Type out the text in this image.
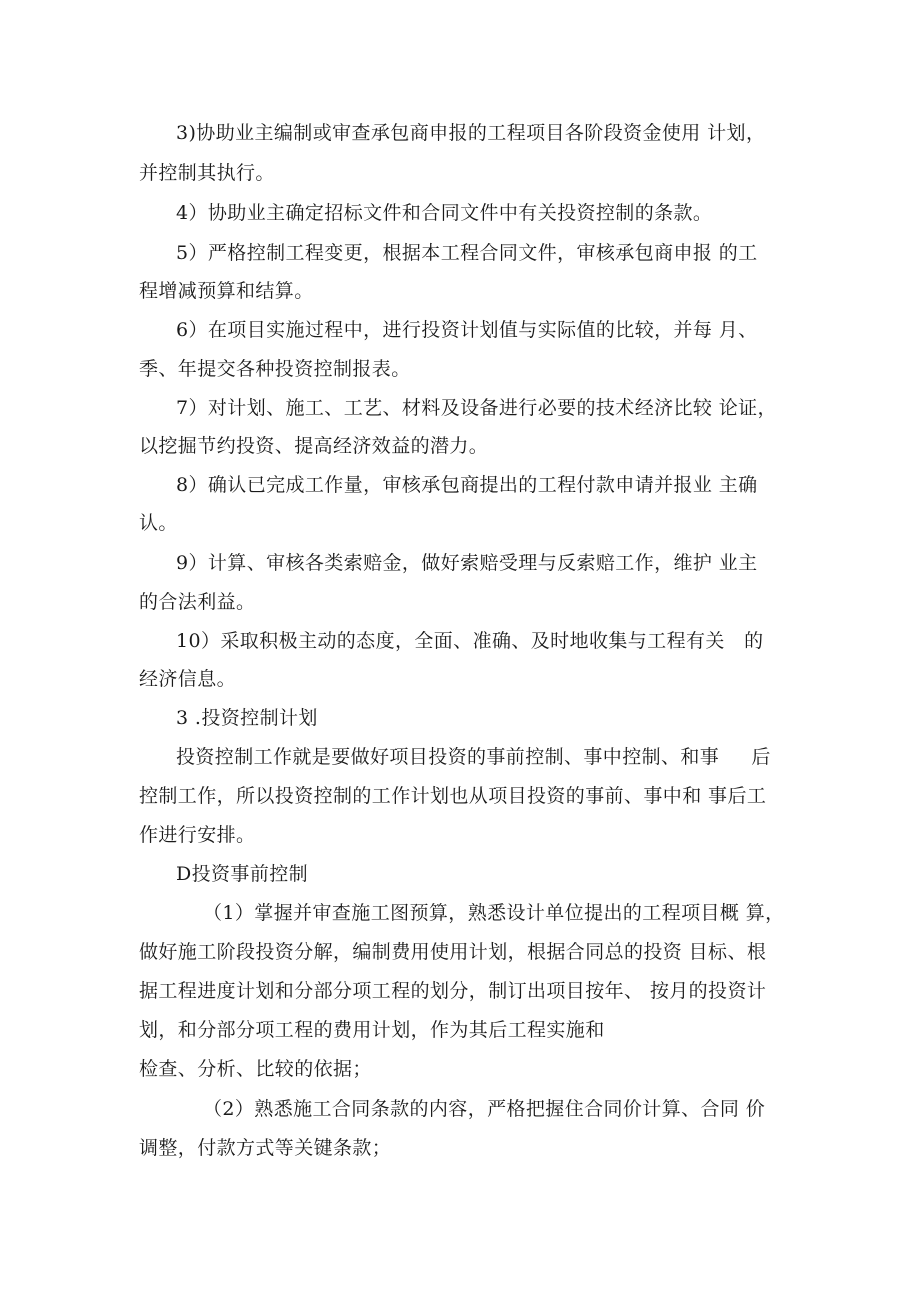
3)协助业主编制或审查承包商申报的工程项目各阶段资金使用 计划，
并控制其执行。
4）协助业主确定招标文件和合同文件中有关投资控制的条款。
5）严格控制工程变更，根据本工程合同文件，审核承包商申报 的工
程增减预算和结算。
6）在项目实施过程中，进行投资计划值与实际值的比较，并每 月、
季、年提交各种投资控制报表。
7）对计划、施工、工艺、材料及设备进行必要的技术经济比较 论证，
以挖掘节约投资、提高经济效益的潜力。
8）确认已完成工作量，审核承包商提出的工程付款申请并报业 主确
认。
9）计算、审核各类索赔金，做好索赔受理与反索赔工作，维护 业主
的合法利益。
10）采取积极主动的态度，全面、准确、及时地收集与工程有关   的
经济信息。
3 .投资控制计划
投资控制工作就是要做好项目投资的事前控制、事中控制、和事     后
控制工作，所以投资控制的工作计划也从项目投资的事前、事中和 事后工
作进行安排。
D投资事前控制
（1）掌握并审查施工图预算，熟悉设计单位提出的工程项目概 算，
做好施工阶段投资分解，编制费用使用计划，根据合同总的投资 目标、根
据工程进度计划和分部分项工程的划分，制订出项目按年、 按月的投资计
划，和分部分项工程的费用计划，作为其后工程实施和
检查、分析、比较的依据；
（2）熟悉施工合同条款的内容，严格把握住合同价计算、合同 价
调整，付款方式等关键条款；
